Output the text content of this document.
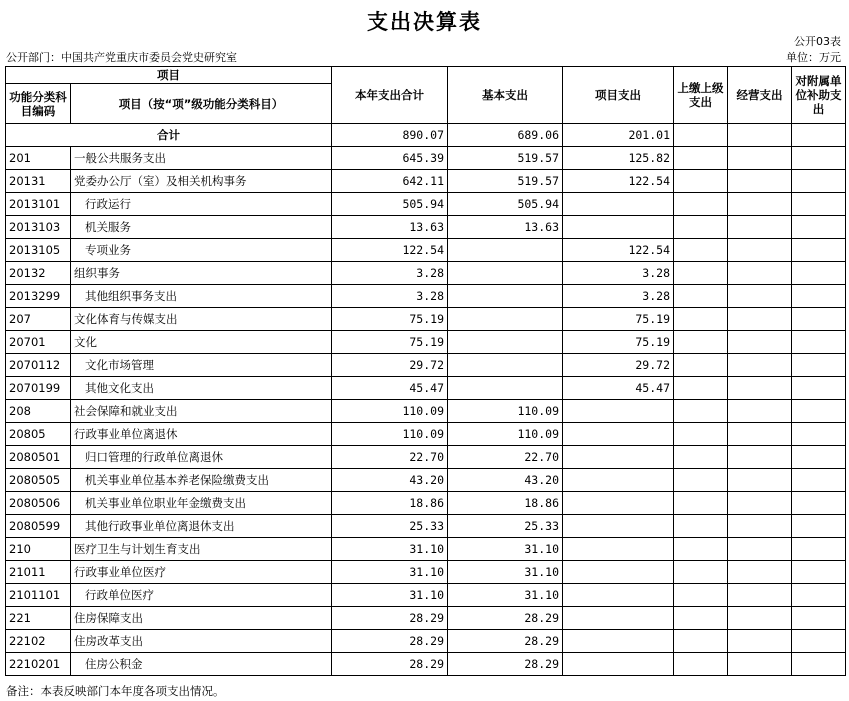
支出决算表
公开03表
公开部门：中国共产党重庆市委员会党史研究室	单位：万元
项目		本年支出合计	基本支出	项目支出	上缴上级支出	经营支出	对附属单位补助支出
功能分类科目编码	项目（按“项”级功能分类科目）						
合计		890.07	689.06	201.01			
201	一般公共服务支出	645.39	519.57	125.82			
20131	党委办公厅（室）及相关机构事务	642.11	519.57	122.54			
2013101	行政运行	505.94	505.94				
2013103	机关服务	13.63	13.63				
2013105	专项业务	122.54		122.54			
20132	组织事务	3.28		3.28			
2013299	其他组织事务支出	3.28		3.28			
207	文化体育与传媒支出	75.19		75.19			
20701	文化	75.19		75.19			
2070112	文化市场管理	29.72		29.72			
2070199	其他文化支出	45.47		45.47			
208	社会保障和就业支出	110.09	110.09				
20805	行政事业单位离退休	110.09	110.09				
2080501	归口管理的行政单位离退休	22.70	22.70				
2080505	机关事业单位基本养老保险缴费支出	43.20	43.20				
2080506	机关事业单位职业年金缴费支出	18.86	18.86				
2080599	其他行政事业单位离退休支出	25.33	25.33				
210	医疗卫生与计划生育支出	31.10	31.10				
21011	行政事业单位医疗	31.10	31.10				
2101101	行政单位医疗	31.10	31.10				
221	住房保障支出	28.29	28.29				
22102	住房改革支出	28.29	28.29				
2210201	住房公积金	28.29	28.29				
备注：本表反映部门本年度各项支出情况。
